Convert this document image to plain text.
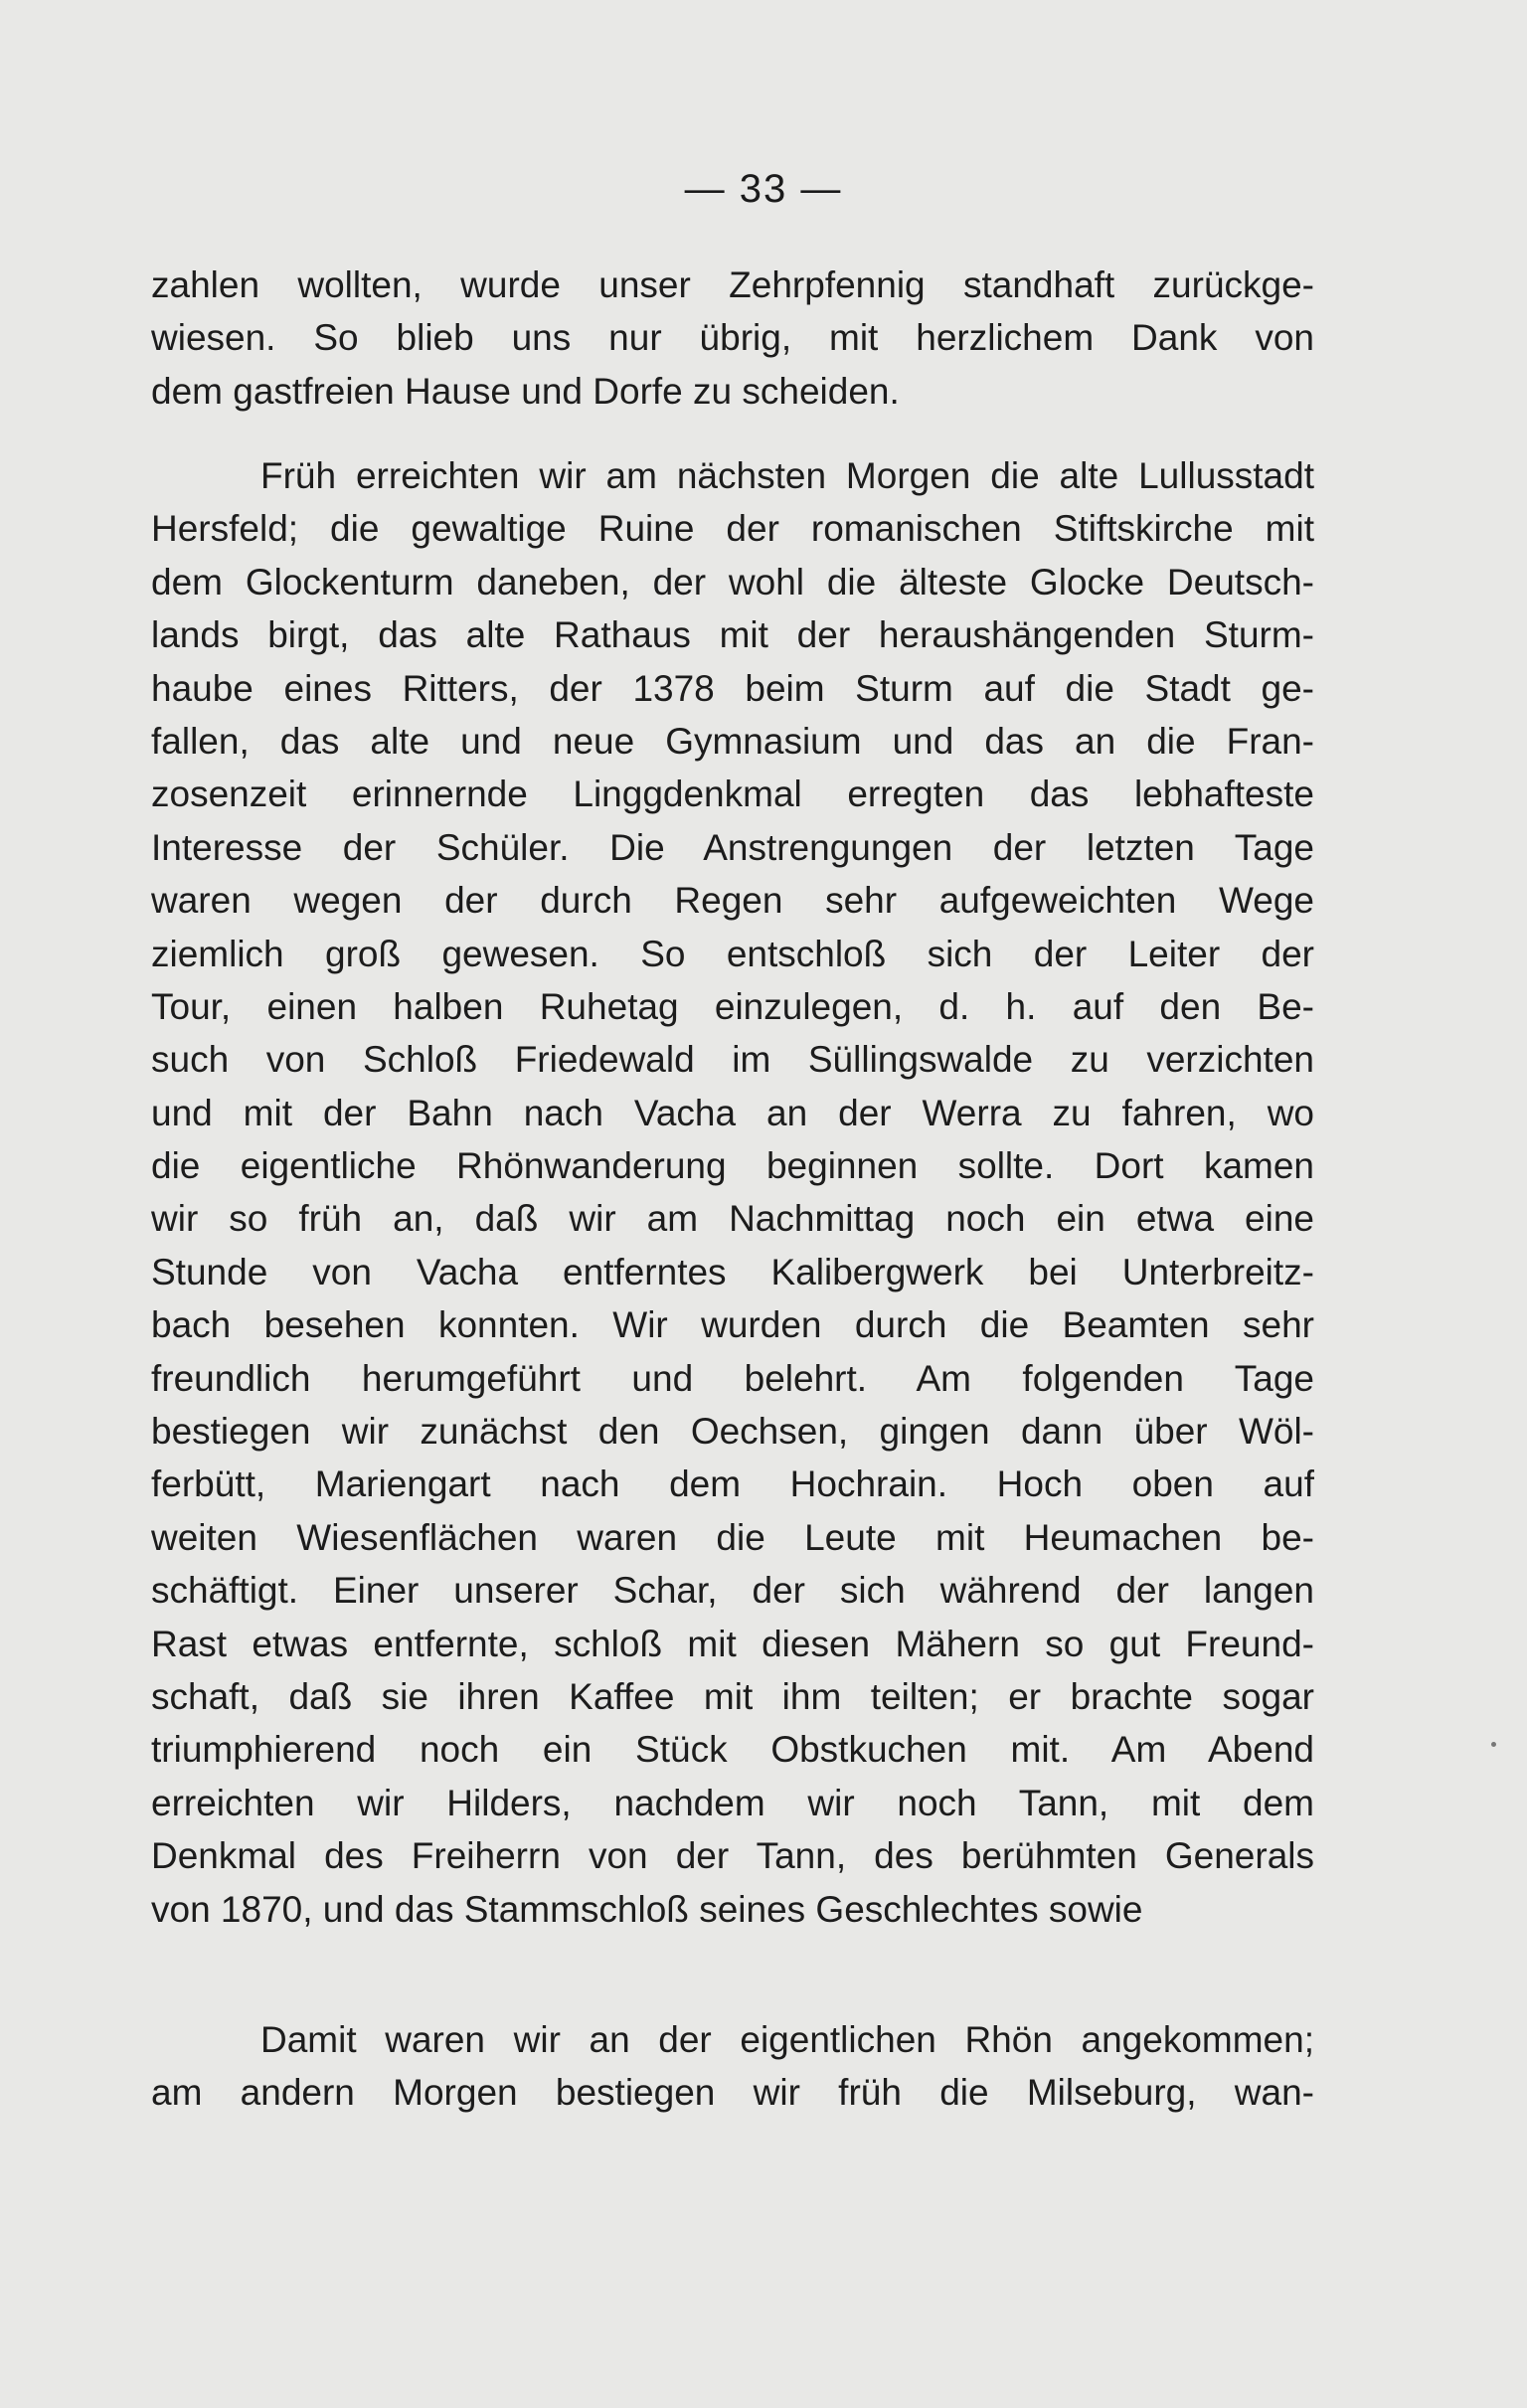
— 33 —
zahlen wollten, wurde unser Zehrpfennig standhaft zurückge-
wiesen. So blieb uns nur übrig, mit herzlichem Dank von
dem gastfreien Hause und Dorfe zu scheiden.
Früh erreichten wir am nächsten Morgen die alte Lullusstadt
Hersfeld; die gewaltige Ruine der romanischen Stiftskirche mit
dem Glockenturm daneben, der wohl die älteste Glocke Deutsch-
lands birgt, das alte Rathaus mit der heraushängenden Sturm-
haube eines Ritters, der 1378 beim Sturm auf die Stadt ge-
fallen, das alte und neue Gymnasium und das an die Fran-
zosenzeit erinnernde Linggdenkmal erregten das lebhafteste
Interesse der Schüler. Die Anstrengungen der letzten Tage
waren wegen der durch Regen sehr aufgeweichten Wege
ziemlich groß gewesen. So entschloß sich der Leiter der
Tour, einen halben Ruhetag einzulegen, d. h. auf den Be-
such von Schloß Friedewald im Süllingswalde zu verzichten
und mit der Bahn nach Vacha an der Werra zu fahren, wo
die eigentliche Rhönwanderung beginnen sollte. Dort kamen
wir so früh an, daß wir am Nachmittag noch ein etwa eine
Stunde von Vacha entferntes Kalibergwerk bei Unterbreitz-
bach besehen konnten. Wir wurden durch die Beamten sehr
freundlich herumgeführt und belehrt. Am folgenden Tage
bestiegen wir zunächst den Oechsen, gingen dann über Wöl-
ferbütt, Mariengart nach dem Hochrain. Hoch oben auf
weiten Wiesenflächen waren die Leute mit Heumachen be-
schäftigt. Einer unserer Schar, der sich während der langen
Rast etwas entfernte, schloß mit diesen Mähern so gut Freund-
schaft, daß sie ihren Kaffee mit ihm teilten; er brachte sogar
triumphierend noch ein Stück Obstkuchen mit. Am Abend
erreichten wir Hilders, nachdem wir noch Tann, mit dem
Denkmal des Freiherrn von der Tann, des berühmten Generals
von 1870, und das Stammschloß seines Geschlechtes sowie
Damit waren wir an der eigentlichen Rhön angekommen;
am andern Morgen bestiegen wir früh die Milseburg, wan-
